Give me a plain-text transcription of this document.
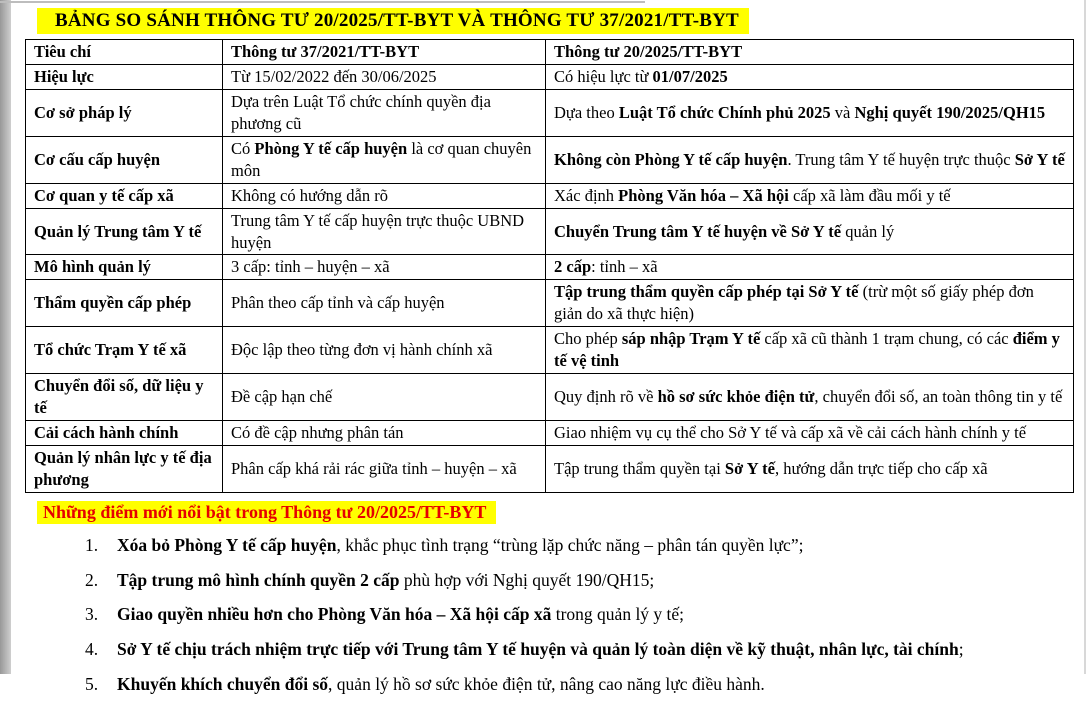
BẢNG SO SÁNH THÔNG TƯ 20/2025/TT-BYT VÀ THÔNG TƯ 37/2021/TT-BYT
Tiêu chí	Thông tư 37/2021/TT-BYT	Thông tư 20/2025/TT-BYT
Hiệu lực	Từ 15/02/2022 đến 30/06/2025	Có hiệu lực từ 01/07/2025
Cơ sở pháp lý	Dựa trên Luật Tổ chức chính quyền địa phương cũ	Dựa theo Luật Tổ chức Chính phủ 2025 và Nghị quyết 190/2025/QH15
Cơ cấu cấp huyện	Có Phòng Y tế cấp huyện là cơ quan chuyên môn	Không còn Phòng Y tế cấp huyện. Trung tâm Y tế huyện trực thuộc Sở Y tế
Cơ quan y tế cấp xã	Không có hướng dẫn rõ	Xác định Phòng Văn hóa – Xã hội cấp xã làm đầu mối y tế
Quản lý Trung tâm Y tế	Trung tâm Y tế cấp huyện trực thuộc UBND huyện	Chuyển Trung tâm Y tế huyện về Sở Y tế quản lý
Mô hình quản lý	3 cấp: tỉnh – huyện – xã	2 cấp: tỉnh – xã
Thẩm quyền cấp phép	Phân theo cấp tỉnh và cấp huyện	Tập trung thẩm quyền cấp phép tại Sở Y tế (trừ một số giấy phép đơn giản do xã thực hiện)
Tổ chức Trạm Y tế xã	Độc lập theo từng đơn vị hành chính xã	Cho phép sáp nhập Trạm Y tế cấp xã cũ thành 1 trạm chung, có các điểm y tế vệ tinh
Chuyển đổi số, dữ liệu y tế	Đề cập hạn chế	Quy định rõ về hồ sơ sức khỏe điện tử, chuyển đổi số, an toàn thông tin y tế
Cải cách hành chính	Có đề cập nhưng phân tán	Giao nhiệm vụ cụ thể cho Sở Y tế và cấp xã về cải cách hành chính y tế
Quản lý nhân lực y tế địa phương	Phân cấp khá rải rác giữa tỉnh – huyện – xã	Tập trung thẩm quyền tại Sở Y tế, hướng dẫn trực tiếp cho cấp xã
Những điểm mới nổi bật trong Thông tư 20/2025/TT-BYT
1.	Xóa bỏ Phòng Y tế cấp huyện, khắc phục tình trạng “trùng lặp chức năng – phân tán quyền lực”;
2.	Tập trung mô hình chính quyền 2 cấp phù hợp với Nghị quyết 190/QH15;
3.	Giao quyền nhiều hơn cho Phòng Văn hóa – Xã hội cấp xã trong quản lý y tế;
4.	Sở Y tế chịu trách nhiệm trực tiếp với Trung tâm Y tế huyện và quản lý toàn diện về kỹ thuật, nhân lực, tài chính;
5.	Khuyến khích chuyển đổi số, quản lý hồ sơ sức khỏe điện tử, nâng cao năng lực điều hành.
